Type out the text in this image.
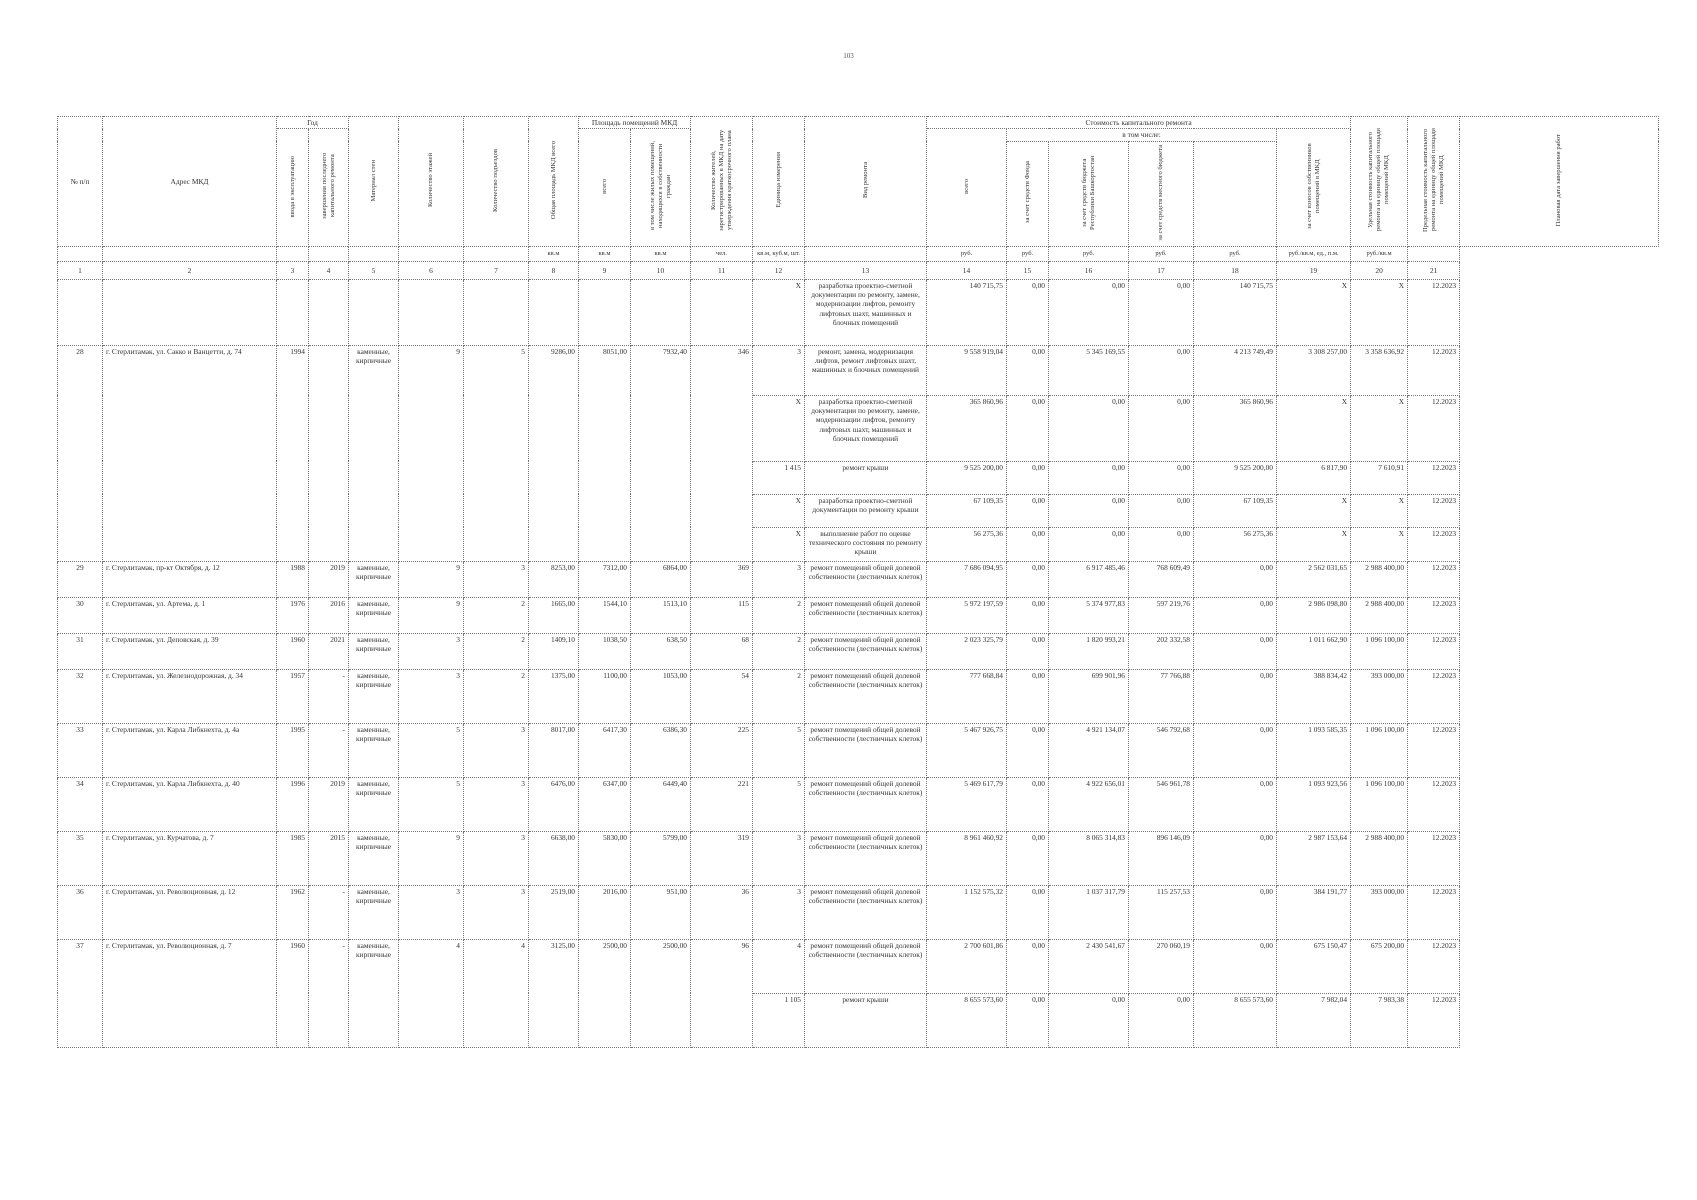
103
№ п/п	Адрес МКД	Год		Материал стен	Количество этажей	Количество подъездов	Общая площадь МКД всего	Площадь помещений МКД		Количество жителей, зарегистрированных в МКД на дату утверждения краткосрочного плана	Единица измерения	Вид ремонта	Стоимость капитального ремонта						Удельная стоимость капитального ремонта на единицу общей площади помещений МКД	Предельная стоимость капитального ремонта на единицу общей площади помещений МКД	Плановая дата завершения работ
		ввода в эксплуатацию	завершения последнего капитального ремонта					всего	в том числе жилых помещений, находящихся в собственности граждан				всего	в том числе:				за счет взносов собственников помещений в МКД			
														за счет средств Фонда	за счет средств бюджета Республики Башкортостан	за счет средств местного бюджета					
							кв.м	кв.м	кв.м	чел.	кв.м, куб.м, шт.		руб.	руб.	руб.	руб.	руб.	руб./кв.м, ед., п.м.	руб./кв.м		
1	2	3	4	5	6	7	8	9	10	11	12	13	14	15	16	17	18	19	20	21	
											X	разработка проектно-сметной документации по ремонту, замене, модернизации лифтов, ремонту лифтовых шахт, машинных и блочных помещений	140 715,75	0,00	0,00	0,00	140 715,75	X	X	12.2023	
28	г. Стерлитамак, ул. Сакко и Ванцетти, д. 74	1994		каменные, кирпичные	9	5	9286,00	8051,00	7932,40	346	3	ремонт, замена, модернизация лифтов, ремонт лифтовых шахт, машинных и блочных помещений	9 558 919,04	0,00	5 345 169,55	0,00	4 213 749,49	3 308 257,00	3 358 636,92	12.2023	
											X	разработка проектно-сметной документации по ремонту, замене, модернизации лифтов, ремонту лифтовых шахт, машинных и блочных помещений	365 860,96	0,00	0,00	0,00	365 860,96	X	X	12.2023	
											1 415	ремонт крыши	9 525 200,00	0,00	0,00	0,00	9 525 200,00	6 817,90	7 610,91	12.2023	
											X	разработка проектно-сметной документации по ремонту крыши	67 109,35	0,00	0,00	0,00	67 109,35	X	X	12.2023	
											X	выполнение работ по оценке технического состояния по ремонту крыши	56 275,36	0,00	0,00	0,00	56 275,36	X	X	12.2023	
29	г. Стерлитамак, пр-кт Октября, д. 12	1988	2019	каменные, кирпичные	9	3	8253,00	7312,00	6864,00	369	3	ремонт помещений общей долевой собственности (лестничных клеток)	7 686 094,95	0,00	6 917 485,46	768 609,49	0,00	2 562 031,65	2 988 400,00	12.2023	
30	г. Стерлитамак, ул. Артема, д. 1	1976	2016	каменные, кирпичные	9	2	1665,00	1544,10	1513,10	115	2	ремонт помещений общей долевой собственности (лестничных клеток)	5 972 197,59	0,00	5 374 977,83	597 219,76	0,00	2 986 098,80	2 988 400,00	12.2023	
31	г. Стерлитамак, ул. Деповская, д. 39	1960	2021	каменные, кирпичные	3	2	1409,10	1038,50	638,50	68	2	ремонт помещений общей долевой собственности (лестничных клеток)	2 023 325,79	0,00	1 820 993,21	202 332,58	0,00	1 011 662,90	1 096 100,00	12.2023	
32	г. Стерлитамак, ул. Железнодорожная, д. 34	1957	-	каменные, кирпичные	3	2	1375,00	1100,00	1053,00	54	2	ремонт помещений общей долевой собственности (лестничных клеток)	777 668,84	0,00	699 901,96	77 766,88	0,00	388 834,42	393 000,00	12.2023	
33	г. Стерлитамак, ул. Карла Либкнехта, д. 4а	1995	-	каменные, кирпичные	5	3	8017,00	6417,30	6386,30	225	5	ремонт помещений общей долевой собственности (лестничных клеток)	5 467 926,75	0,00	4 921 134,07	546 792,68	0,00	1 093 585,35	1 096 100,00	12.2023	
34	г. Стерлитамак, ул. Карла Либкнехта, д. 40	1996	2019	каменные, кирпичные	5	3	6476,00	6347,00	6449,40	221	5	ремонт помещений общей долевой собственности (лестничных клеток)	5 469 617,79	0,00	4 922 656,01	546 961,78	0,00	1 093 923,56	1 096 100,00	12.2023	
35	г. Стерлитамак, ул. Курчатова, д. 7	1985	2015	каменные, кирпичные	9	3	6638,00	5830,00	5799,00	319	3	ремонт помещений общей долевой собственности (лестничных клеток)	8 961 460,92	0,00	8 065 314,83	896 146,09	0,00	2 987 153,64	2 988 400,00	12.2023	
36	г. Стерлитамак, ул. Революционная, д. 12	1962	-	каменные, кирпичные	3	3	2519,00	2016,00	951,00	36	3	ремонт помещений общей долевой собственности (лестничных клеток)	1 152 575,32	0,00	1 037 317,79	115 257,53	0,00	384 191,77	393 000,00	12.2023	
37	г. Стерлитамак, ул. Революционная, д. 7	1960	-	каменные, кирпичные	4	4	3125,00	2500,00	2500,00	96	4	ремонт помещений общей долевой собственности (лестничных клеток)	2 700 601,86	0,00	2 430 541,67	270 060,19	0,00	675 150,47	675 200,00	12.2023	
											1 105	ремонт крыши	8 655 573,60	0,00	0,00	0,00	8 655 573,60	7 982,04	7 983,38	12.2023	
